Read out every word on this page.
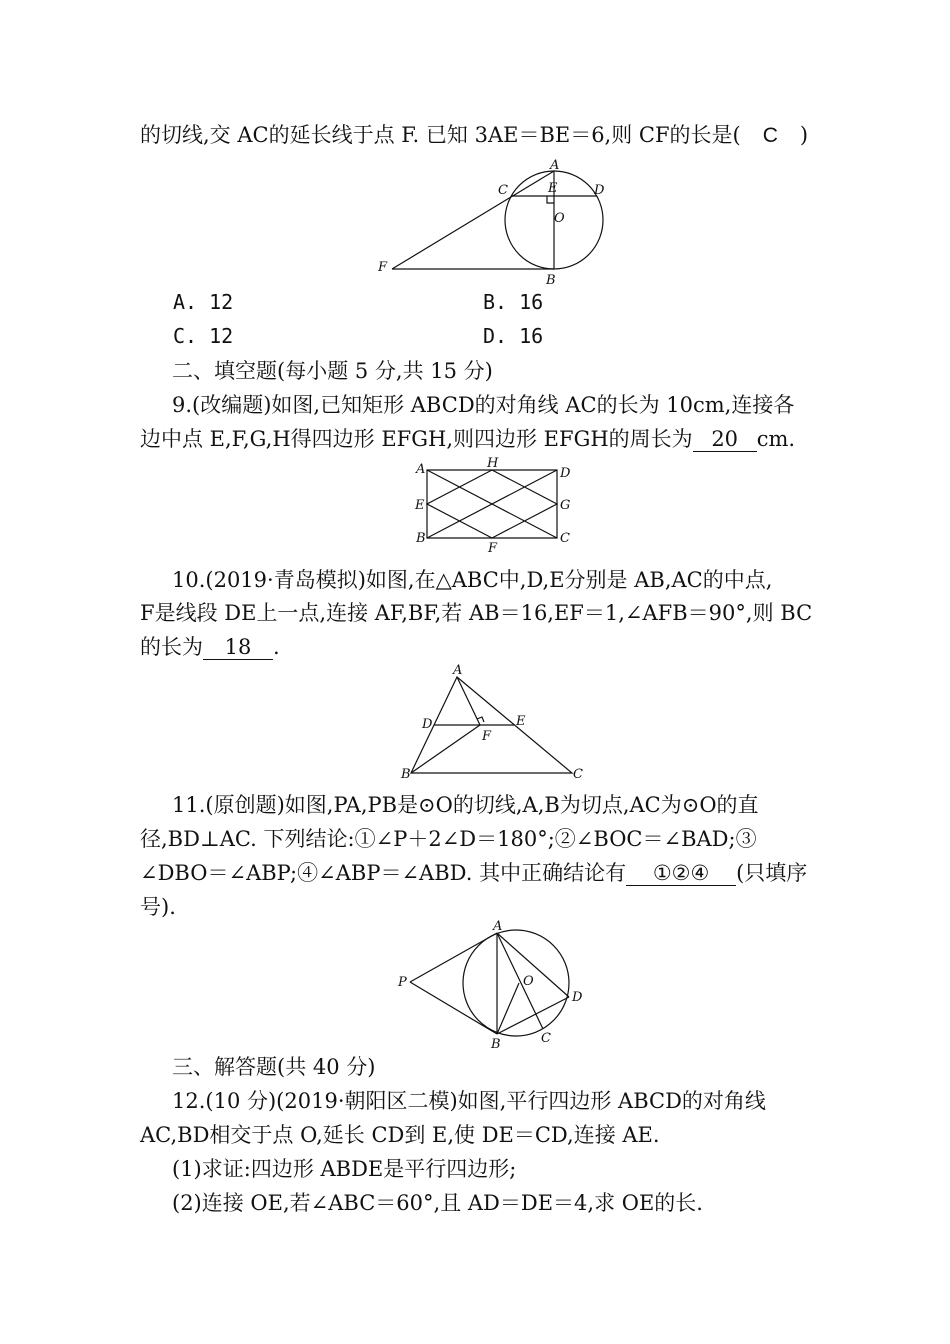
的切线,交 AC的延长线于点 F. 已知 3AE＝BE＝6,则 CF的长是( C )
A
C	E	D
O
F
B
A. 12	B. 16
C. 12	D. 16
二、填空题(每小题 5 分,共 15 分)
9.(改编题)如图,已知矩形 ABCD的对角线 AC的长为 10cm,连接各
边中点 E,F,G,H得四边形 EFGH,则四边形 EFGH的周长为 20 cm.
A	H
D
E	G
B
F
C
10.(2019·青岛模拟)如图,在△ABC中,D,E分别是 AB,AC的中点,
F是线段 DE上一点,连接 AF,BF,若 AB＝16,EF＝1,∠AFB＝90°,则 BC
的长为 18 .
A
D	E
F
B	C
11.(原创题)如图,PA,PB是⊙O的切线,A,B为切点,AC为⊙O的直
径,BD⊥AC. 下列结论:①∠P＋2∠D＝180°;②∠BOC＝∠BAD;③
∠DBO＝∠ABP;④∠ABP＝∠ABD. 其中正确结论有 ①②④ (只填序
号).
A
P	O
D
B	C
三、解答题(共 40 分)
12.(10 分)(2019·朝阳区二模)如图,平行四边形 ABCD的对角线
AC,BD相交于点 O,延长 CD到 E,使 DE＝CD,连接 AE.
(1)求证:四边形 ABDE是平行四边形;
(2)连接 OE,若∠ABC＝60°,且 AD＝DE＝4,求 OE的长.
